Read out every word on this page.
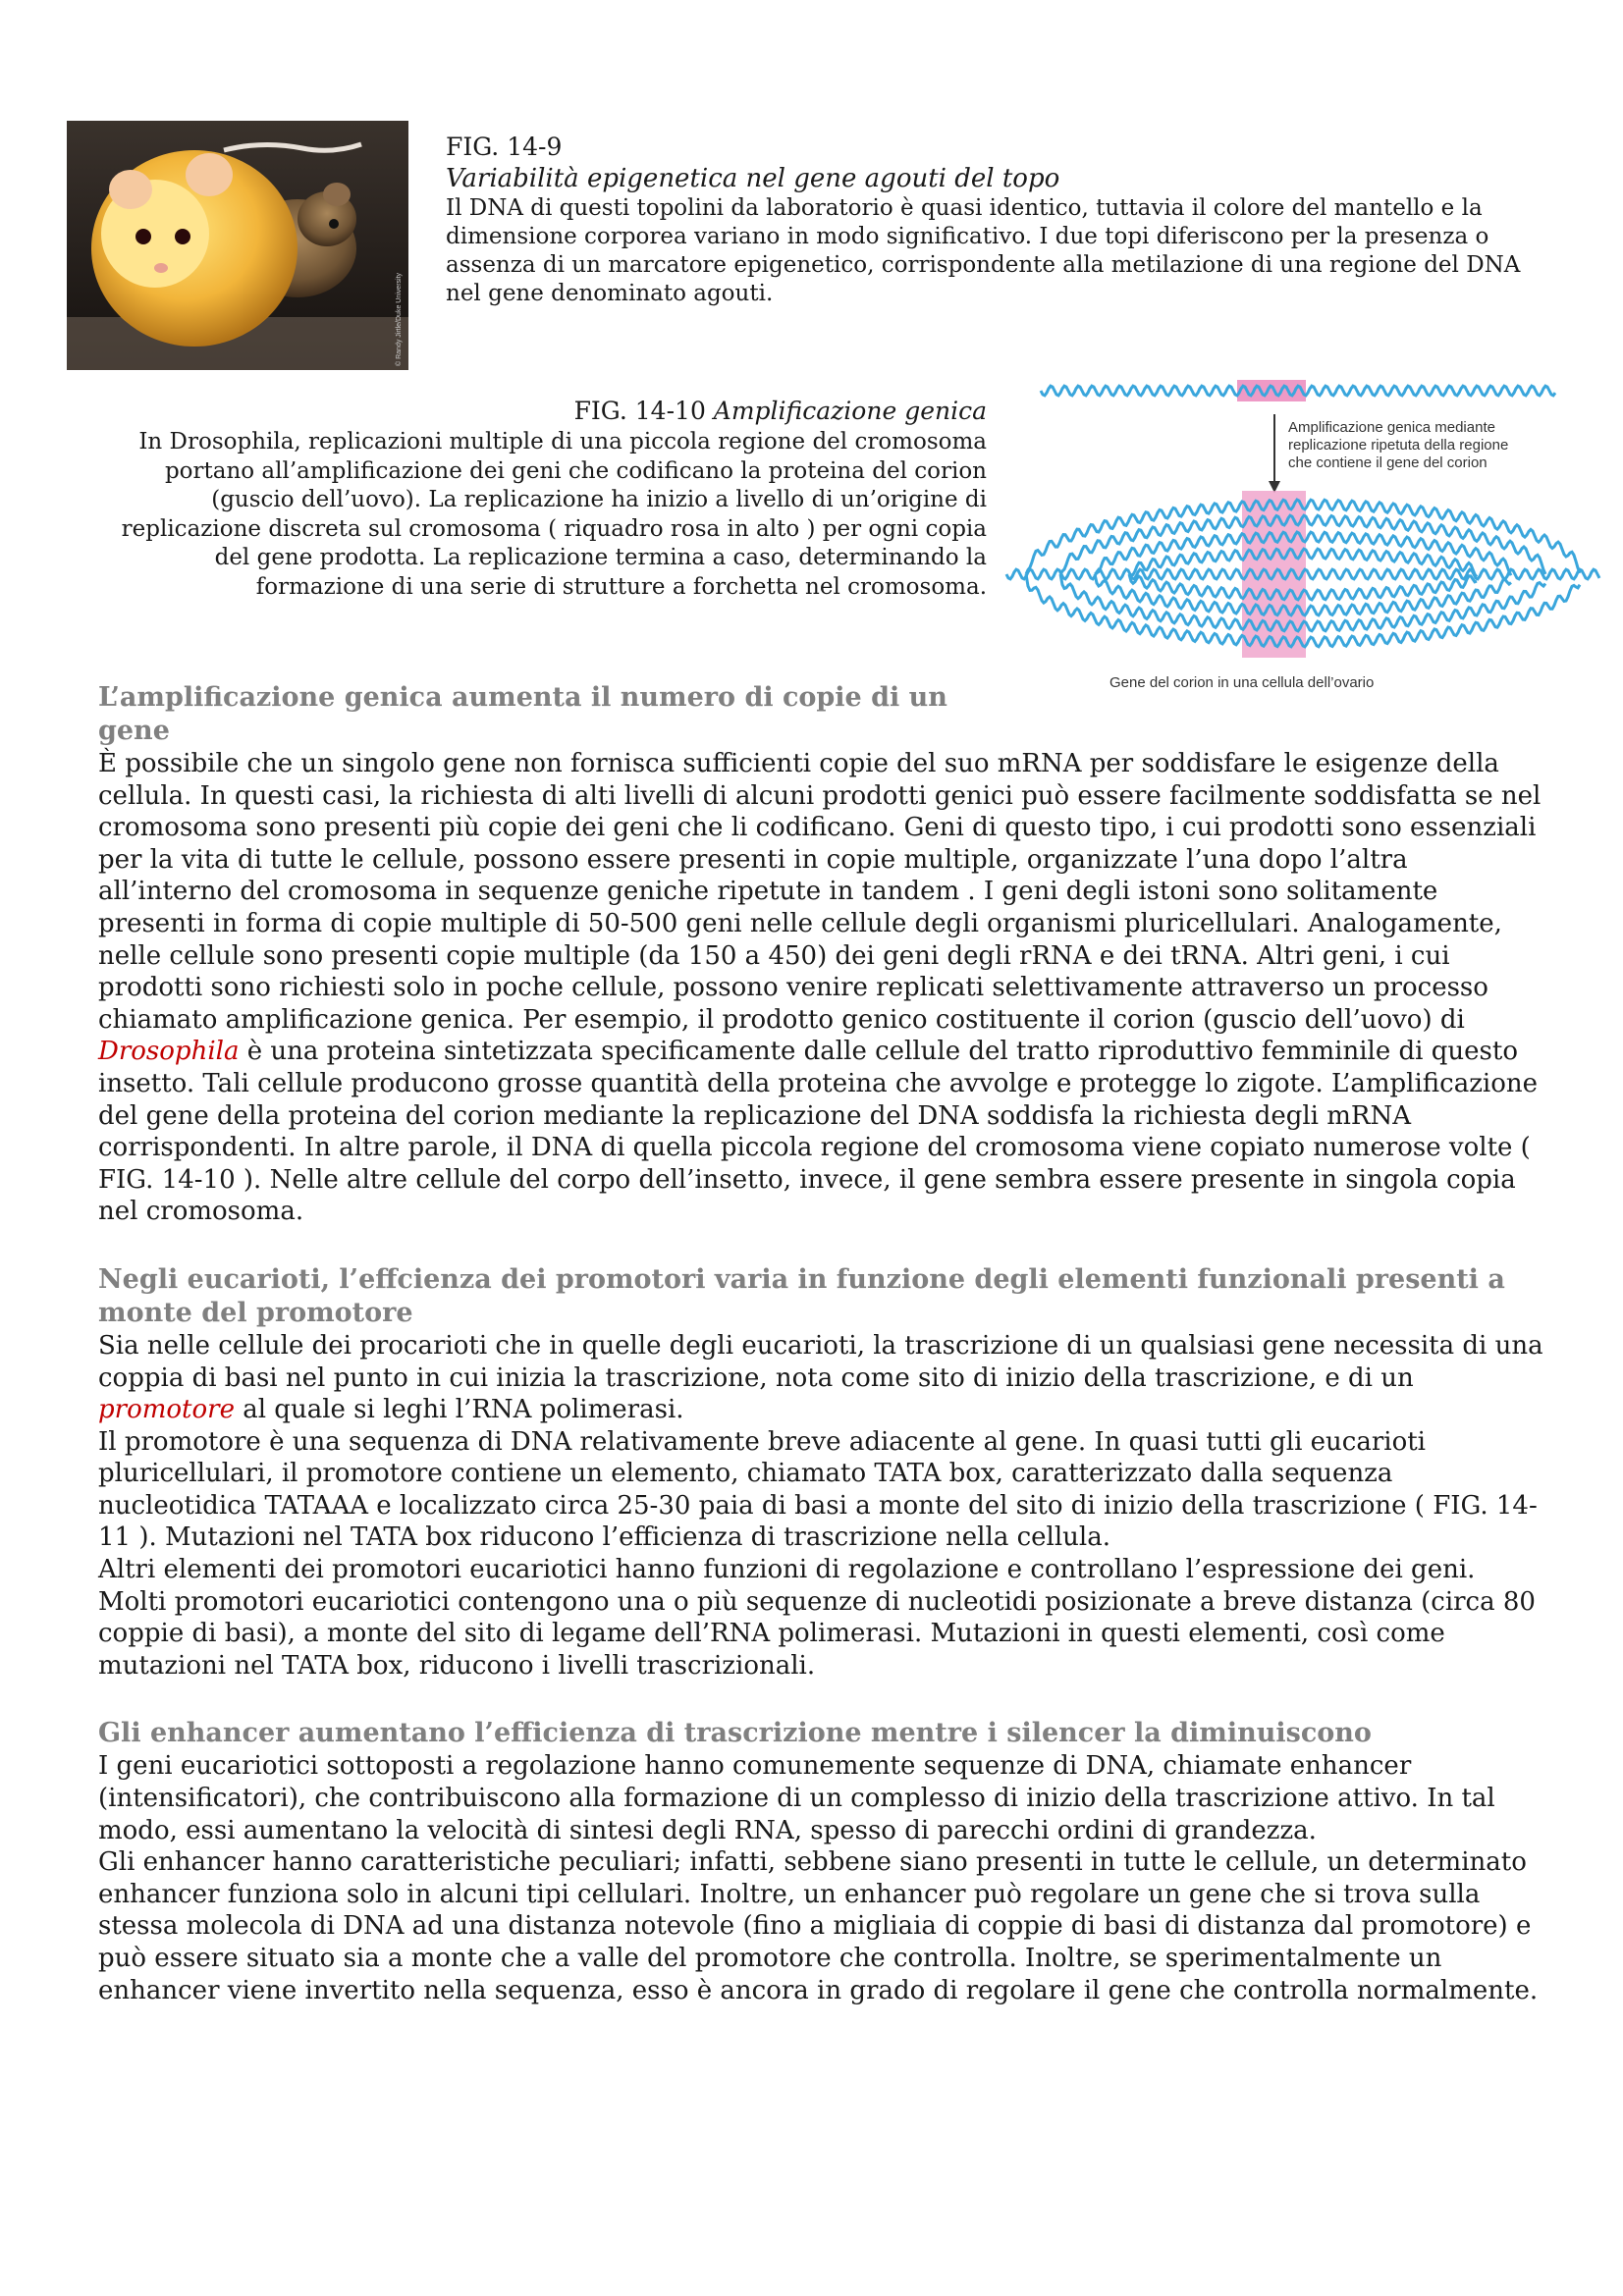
© Randy Jirtle/Duke University
FIG. 14-9
Variabilità epigenetica nel gene agouti del topo
Il DNA di questi topolini da laboratorio è quasi identico, tuttavia il colore del mantello e la dimensione corporea variano in modo significativo. I due topi diferiscono per la presenza o assenza di un marcatore epigenetico, corrispondente alla metilazione di una regione del DNA nel gene denominato agouti.
FIG. 14-10 Amplificazione genica
In Drosophila, replicazioni multiple di una piccola regione del cromosoma portano all’amplificazione dei geni che codificano la proteina del corion (guscio dell’uovo). La replicazione ha inizio a livello di un’origine di replicazione discreta sul cromosoma ( riquadro rosa in alto ) per ogni copia del gene prodotta. La replicazione termina a caso, determinando la formazione di una serie di strutture a forchetta nel cromosoma.
Amplificazione genica mediante
replicazione ripetuta della regione
che contiene il gene del corion
Gene del corion in una cellula dell’ovario
L’amplificazione genica aumenta il numero di copie di un gene

È possibile che un singolo gene non fornisca sufficienti copie del suo mRNA per soddisfare le esigenze della cellula. In questi casi, la richiesta di alti livelli di alcuni prodotti genici può essere facilmente soddisfatta se nel cromosoma sono presenti più copie dei geni che li codificano. Geni di questo tipo, i cui prodotti sono essenziali per la vita di tutte le cellule, possono essere presenti in copie multiple, organizzate l’una dopo l’altra all’interno del cromosoma in sequenze geniche ripetute in tandem . I geni degli istoni sono solitamente presenti in forma di copie multiple di 50-500 geni nelle cellule degli organismi pluricellulari. Analogamente, nelle cellule sono presenti copie multiple (da 150 a 450) dei geni degli rRNA e dei tRNA. Altri geni, i cui prodotti sono richiesti solo in poche cellule, possono venire replicati selettivamente attraverso un processo chiamato amplificazione genica. Per esempio, il prodotto genico costituente il corion (guscio dell’uovo) di Drosophila è una proteina sintetizzata specificamente dalle cellule del tratto riproduttivo femminile di questo insetto. Tali cellule producono grosse quantità della proteina che avvolge e protegge lo zigote. L’amplificazione del gene della proteina del corion mediante la replicazione del DNA soddisfa la richiesta degli mRNA corrispondenti. In altre parole, il DNA di quella piccola regione del cromosoma viene copiato numerose volte ( FIG. 14-10 ). Nelle altre cellule del corpo dell’insetto, invece, il gene sembra essere presente in singola copia nel cromosoma.

Negli eucarioti, l’effcienza dei promotori varia in funzione degli elementi funzionali presenti a monte del promotore

Sia nelle cellule dei procarioti che in quelle degli eucarioti, la trascrizione di un qualsiasi gene necessita di una coppia di basi nel punto in cui inizia la trascrizione, nota come sito di inizio della trascrizione, e di un promotore al quale si leghi l’RNA polimerasi.

Il promotore è una sequenza di DNA relativamente breve adiacente al gene. In quasi tutti gli eucarioti pluricellulari, il promotore contiene un elemento, chiamato TATA box, caratterizzato dalla sequenza nucleotidica TATAAA e localizzato circa 25-30 paia di basi a monte del sito di inizio della trascrizione ( FIG. 14-11 ). Mutazioni nel TATA box riducono l’efficienza di trascrizione nella cellula.

Altri elementi dei promotori eucariotici hanno funzioni di regolazione e controllano l’espressione dei geni. Molti promotori eucariotici contengono una o più sequenze di nucleotidi posizionate a breve distanza (circa 80 coppie di basi), a monte del sito di legame dell’RNA polimerasi. Mutazioni in questi elementi, così come mutazioni nel TATA box, riducono i livelli trascrizionali.

Gli enhancer aumentano l’efficienza di trascrizione mentre i silencer la diminuiscono

I geni eucariotici sottoposti a regolazione hanno comunemente sequenze di DNA, chiamate enhancer (intensificatori), che contribuiscono alla formazione di un complesso di inizio della trascrizione attivo. In tal modo, essi aumentano la velocità di sintesi degli RNA, spesso di parecchi ordini di grandezza.

Gli enhancer hanno caratteristiche peculiari; infatti, sebbene siano presenti in tutte le cellule, un determinato enhancer funziona solo in alcuni tipi cellulari. Inoltre, un enhancer può regolare un gene che si trova sulla stessa molecola di DNA ad una distanza notevole (fino a migliaia di coppie di basi di distanza dal promotore) e può essere situato sia a monte che a valle del promotore che controlla. Inoltre, se sperimentalmente un enhancer viene invertito nella sequenza, esso è ancora in grado di regolare il gene che controlla normalmente.
